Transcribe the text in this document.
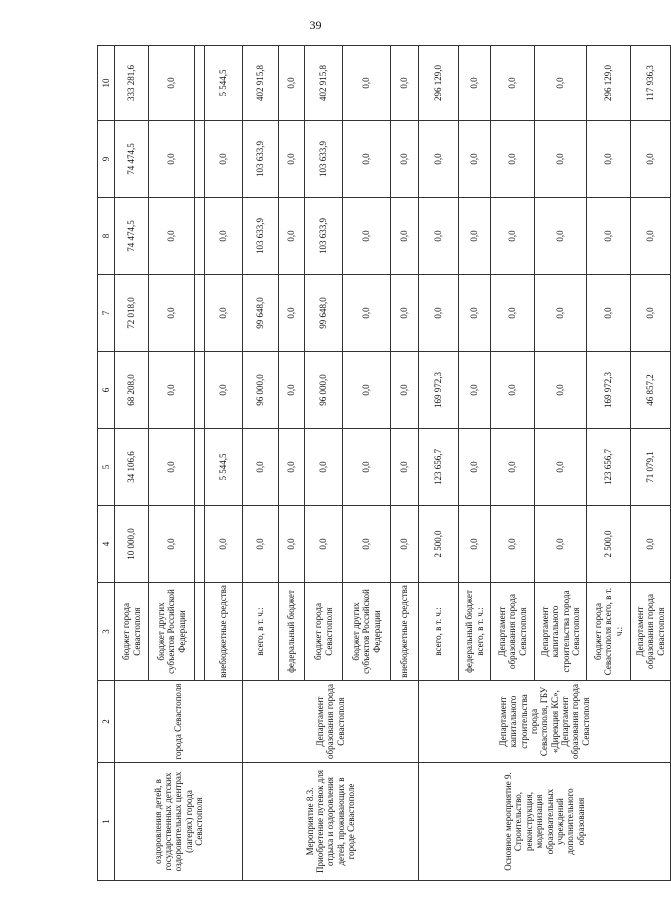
39
1	2	3	4	5	6	7	8	9	10
оздоровления детей, в государственных детских оздоровительных центрах (лагерях) города Севастополя	города Севастополя	бюджет города Севастополя	10 000,0	34 106,6	68 208,0	72 018,0	74 474,5	74 474,5	333 281,6
		бюджет других субъектов Российской Федерации	0,0	0,0	0,0	0,0	0,0	0,0	0,0

		внебюджетные средства	0,0	5 544,5	0,0	0,0	0,0	0,0	5 544,5
Мероприятие 8.3. Приобретение путевок для отдыха и оздоровления детей, проживающих в городе Севастополе	Департамент образования города Севастополя	всего, в т. ч.:	0,0	0,0	96 000,0	99 648,0	103 633,9	103 633,9	402 915,8
		федеральный бюджет	0,0	0,0	0,0	0,0	0,0	0,0	0,0
		бюджет города Севастополя	0,0	0,0	96 000,0	99 648,0	103 633,9	103 633,9	402 915,8
		бюджет других субъектов Российской Федерации	0,0	0,0	0,0	0,0	0,0	0,0	0,0
		внебюджетные средства	0,0	0,0	0,0	0,0	0,0	0,0	0,0
Основное мероприятие 9. Строительство, реконструкция, модернизация образовательных учреждений дополнительного образования	Департамент капитального строительства города Севастополя, ГБУ «Дирекция КС», Департамент образования города Севастополя	всего, в т. ч.:	2 500,0	123 656,7	169 972,3	0,0	0,0	0,0	296 129,0
		федеральный бюджет всего, в т. ч.:	0,0	0,0	0,0	0,0	0,0	0,0	0,0
		Департамент образования города Севастополя	0,0	0,0	0,0	0,0	0,0	0,0	0,0
		Департамент капитального строительства города Севастополя	0,0	0,0	0,0	0,0	0,0	0,0	0,0
		бюджет города Севастополя всего, в т. ч.:	2 500,0	123 656,7	169 972,3	0,0	0,0	0,0	296 129,0
		Департамент образования города Севастополя	0,0	71 079,1	46 857,2	0,0	0,0	0,0	117 936,3
